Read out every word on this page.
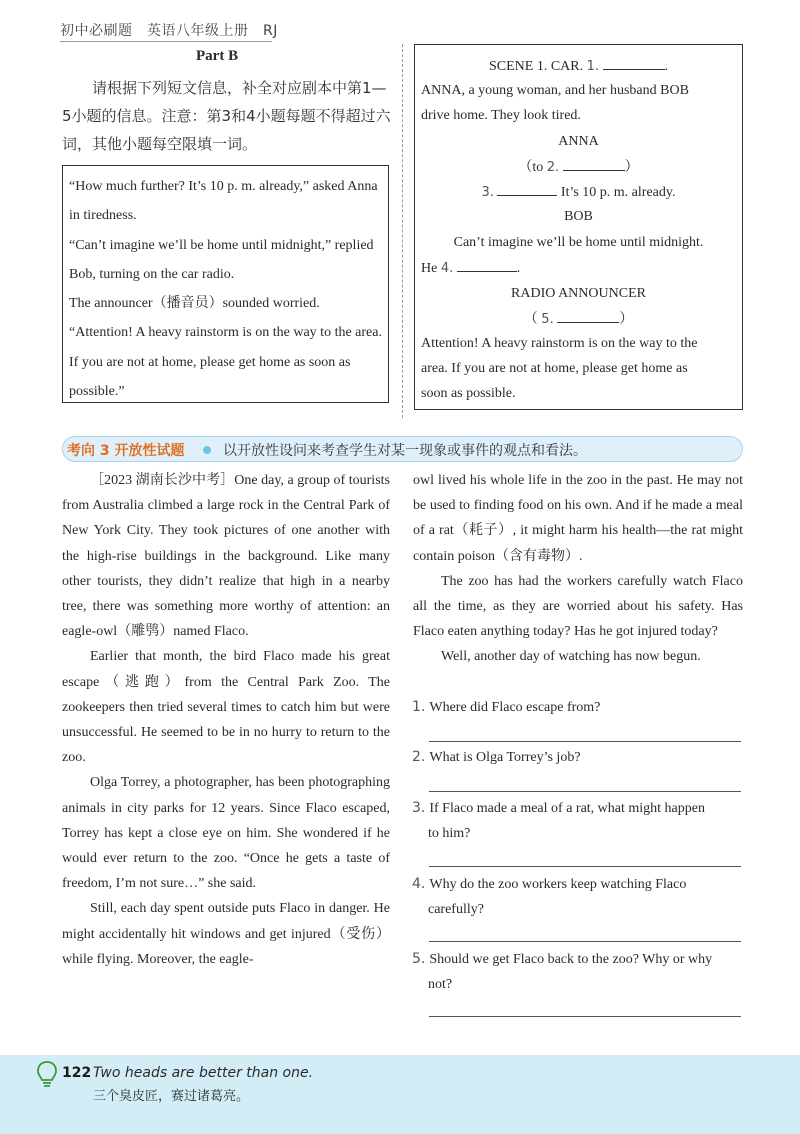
初中必刷题　英语八年级上册　RJ
Part B
请根据下列短文信息，补全对应剧本中第1—5小题的信息。注意：第3和4小题每题不得超过六词，其他小题每空限填一词。

“How much further? It’s 10 p. m. already,” asked Anna in tiredness.

“Can’t imagine we’ll be home until midnight,” replied Bob, turning on the car radio.

The announcer（播音员）sounded worried.

“Attention! A heavy rainstorm is on the way to the area. If you are not at home, please get home as soon as possible.”

SCENE 1. CAR. 1.	.
ANNA, a young woman, and her husband BOB
drive home. They look tired.
ANNA
（to 2.	）
3.	It’s 10 p. m. already.
BOB
Can’t imagine we’ll be home until midnight.
He 4.	.
RADIO ANNOUNCER
（ 5.	）
Attention! A heavy rainstorm is on the way to the
area. If you are not at home, please get home as
soon as possible.
考向 3 开放性试题	以开放性设问来考查学生对某一现象或事件的观点和看法。

［2023 湖南长沙中考］One day, a group of tourists from Australia climbed a large rock in the Central Park of New York City. They took pictures of one another with the high-rise buildings in the background. Like many other tourists, they didn’t realize that high in a nearby tree, there was something more worthy of attention: an eagle-owl（雕鸮）named Flaco.

Earlier that month, the bird Flaco made his great escape（逃跑）from the Central Park Zoo. The zookeepers then tried several times to catch him but were unsuccessful. He seemed to be in no hurry to return to the zoo.

Olga Torrey, a photographer, has been photographing animals in city parks for 12 years. Since Flaco escaped, Torrey has kept a close eye on him. She wondered if he would ever return to the zoo. “Once he gets a taste of freedom, I’m not sure…” she said.

Still, each day spent outside puts Flaco in danger. He might accidentally hit windows and get injured（受伤）while flying. Moreover, the eagle-

owl lived his whole life in the zoo in the past. He may not be used to finding food on his own. And if he made a meal of a rat（耗子）, it might harm his health—the rat might contain poison（含有毒物）.

The zoo has had the workers carefully watch Flaco all the time, as they are worried about his safety. Has Flaco eaten anything today? Has he got injured today?

Well, another day of watching has now begun.

1. Where did Flaco escape from?
2. What is Olga Torrey’s job?
3. If Flaco made a meal of a rat, what might happen
to him?
4. Why do the zoo workers keep watching Flaco
carefully?
5. Should we get Flaco back to the zoo? Why or why
not?
122 Two heads are better than one.
三个臭皮匠，赛过诸葛亮。
